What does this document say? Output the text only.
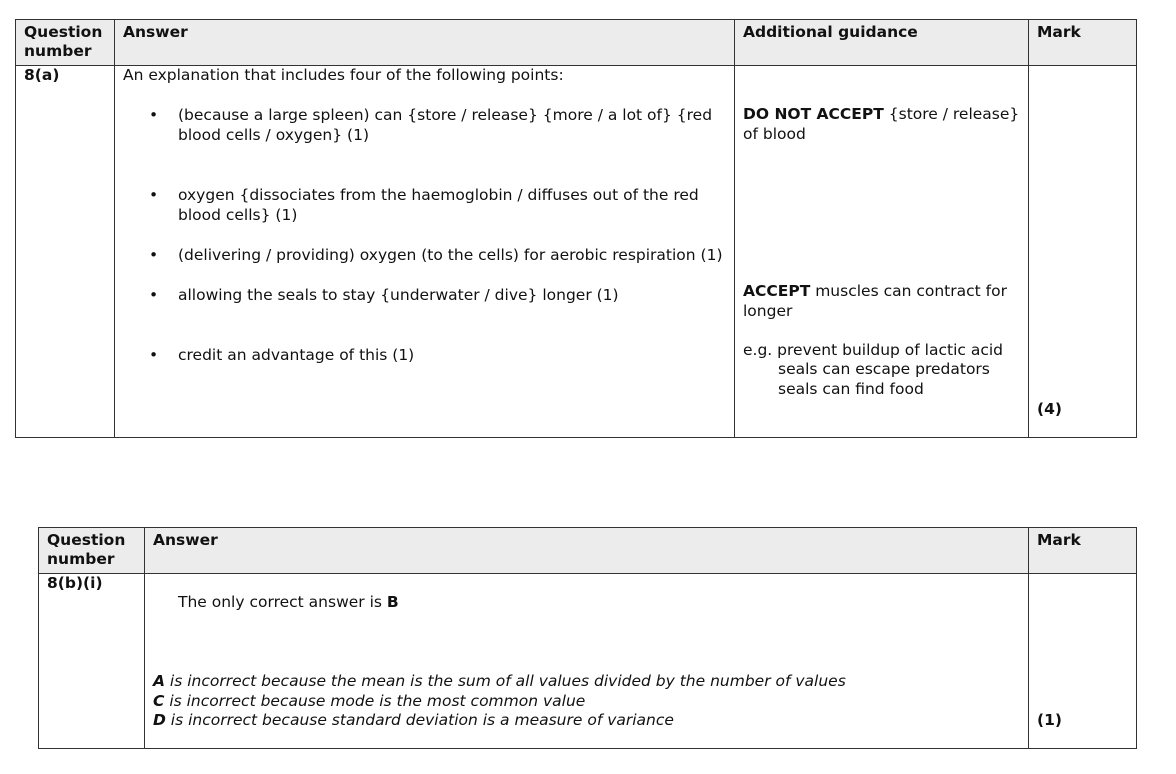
Question
number
8(a)
Answer
An explanation that includes four of the following points:
• (because a large spleen) can {store / release} {more / a lot of} {red
blood cells / oxygen} (1)
• oxygen {dissociates from the haemoglobin / diffuses out of the red
blood cells} (1)
• (delivering / providing) oxygen (to the cells) for aerobic respiration (1)
• allowing the seals to stay {underwater / dive} longer (1)
• credit an advantage of this (1)
Additional guidance
DO NOT ACCEPT {store / release}
of blood
ACCEPT muscles can contract for
longer
e.g. prevent buildup of lactic acid
seals can escape predators
seals can find food
Mark
(4)
Question
number
8(b)(i)
Answer
The only correct answer is B
A is incorrect because the mean is the sum of all values divided by the number of values
C is incorrect because mode is the most common value
D is incorrect because standard deviation is a measure of variance
Mark
(1)
